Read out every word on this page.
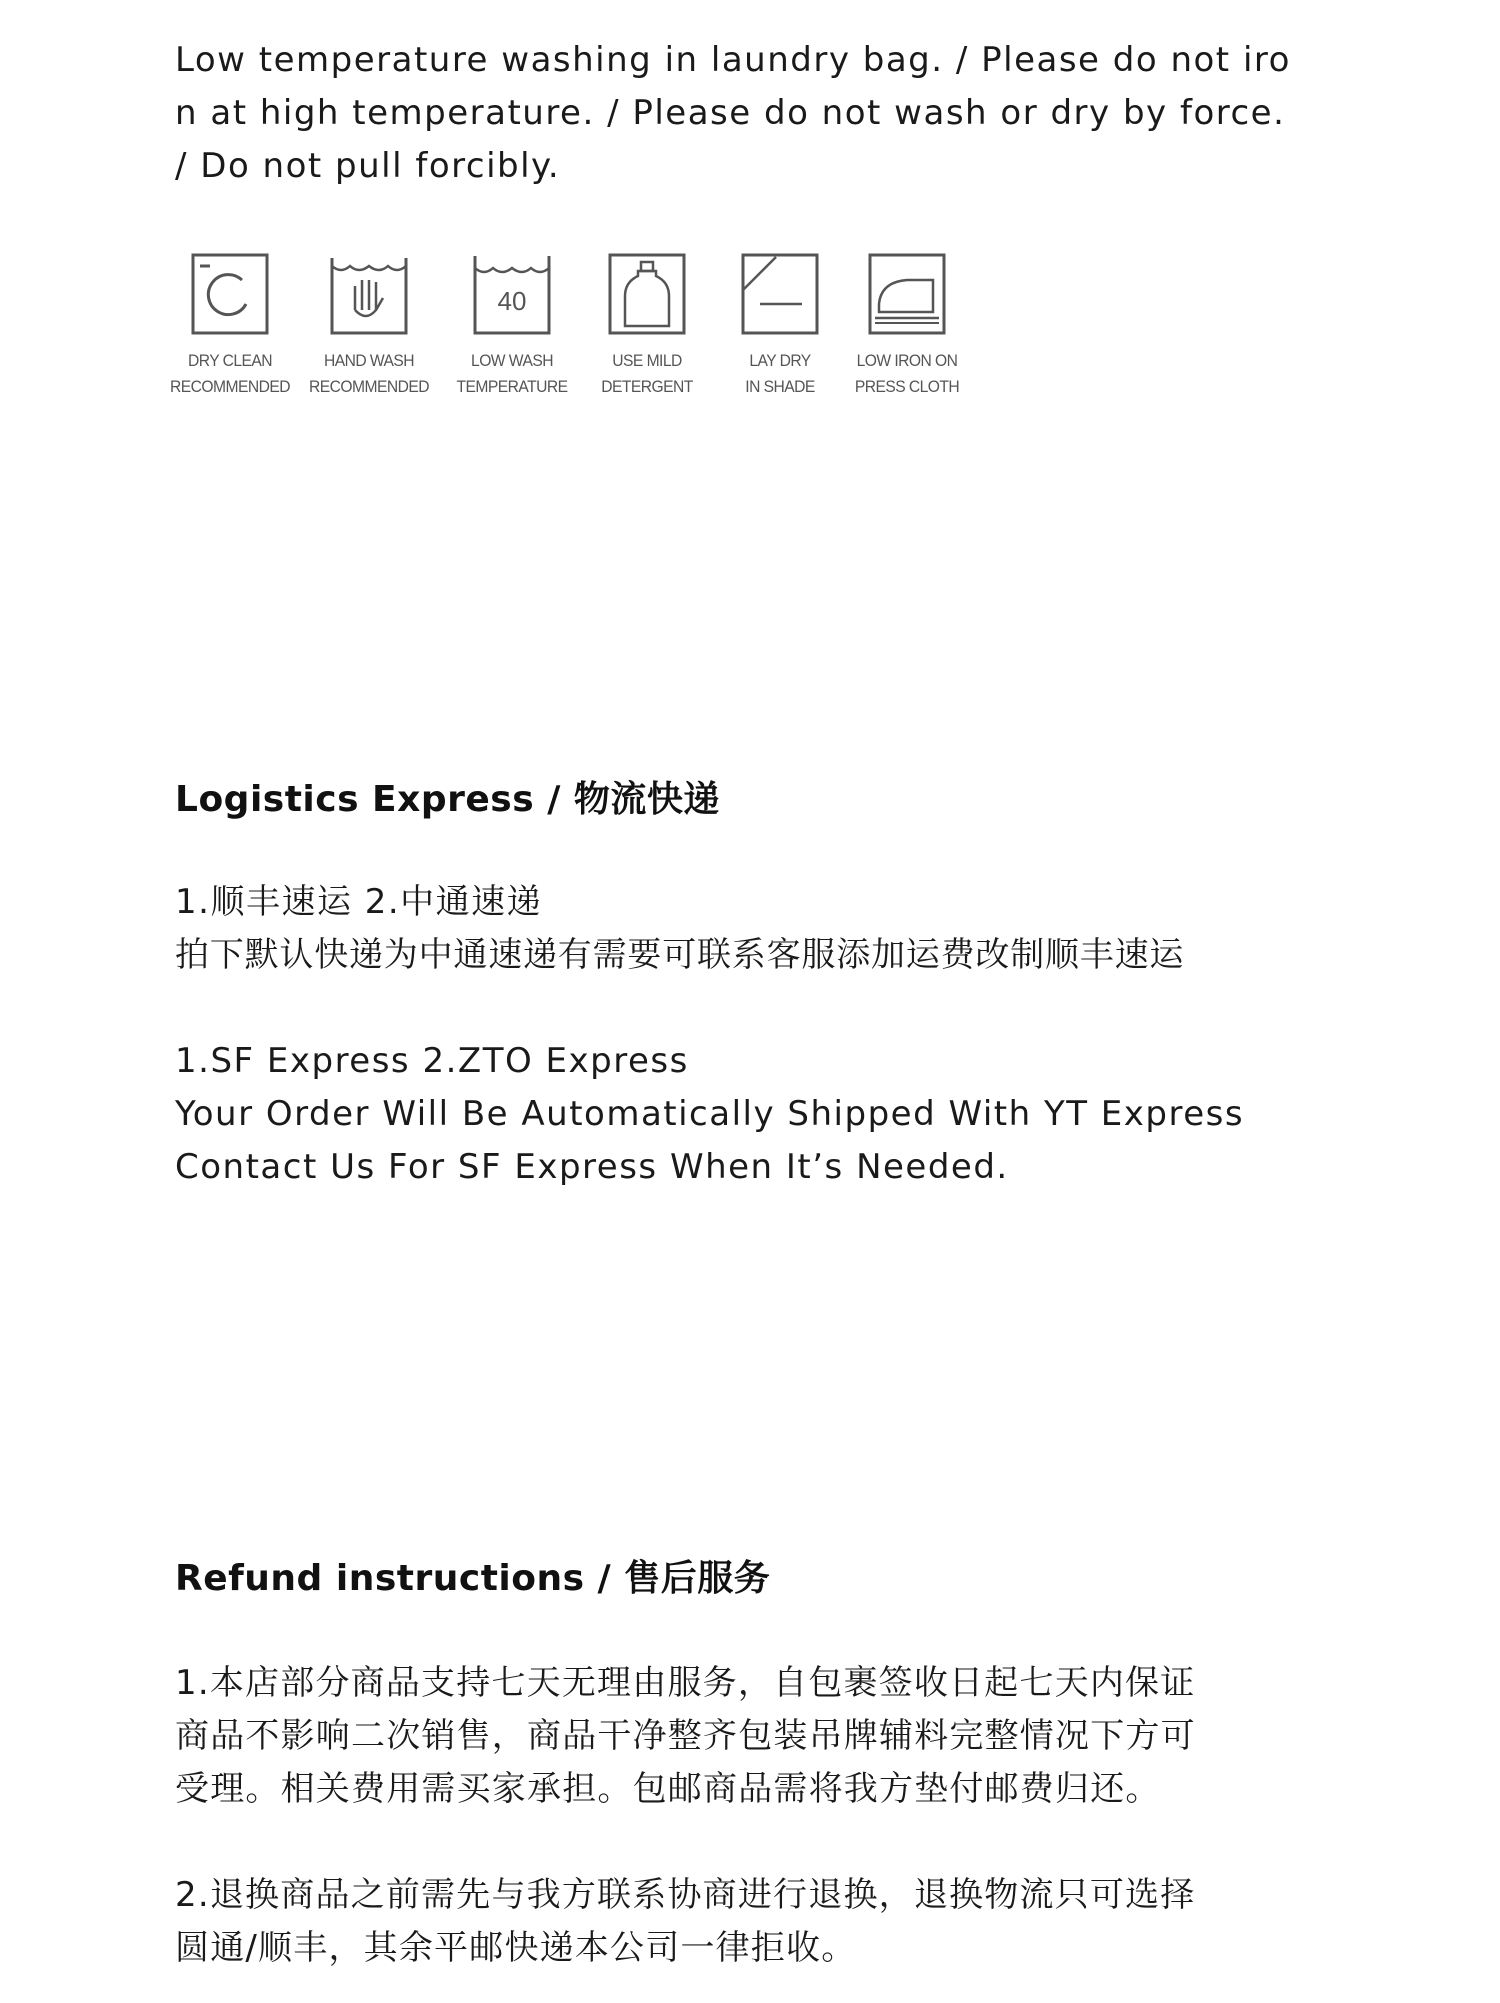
Low temperature washing in laundry bag. / Please do not iro
n at high temperature. / Please do not wash or dry by force.
/ Do not pull forcibly.
DRY CLEAN
RECOMMENDED
HAND WASH
RECOMMENDED
40
LOW WASH
TEMPERATURE
USE MILD
DETERGENT
LAY DRY
IN SHADE
LOW IRON ON
PRESS CLOTH
Logistics Express / 物流快递
1.顺丰速运 2.中通速递
拍下默认快递为中通速递有需要可联系客服添加运费改制顺丰速运
1.SF Express 2.ZTO Express
Your Order Will Be Automatically Shipped With YT Express
Contact Us For SF Express When It’s Needed.
Refund instructions / 售后服务
1.本店部分商品支持七天无理由服务，自包裹签收日起七天内保证
商品不影响二次销售，商品干净整齐包装吊牌辅料完整情况下方可
受理。相关费用需买家承担。包邮商品需将我方垫付邮费归还。
2.退换商品之前需先与我方联系协商进行退换，退换物流只可选择
圆通/顺丰，其余平邮快递本公司一律拒收。
